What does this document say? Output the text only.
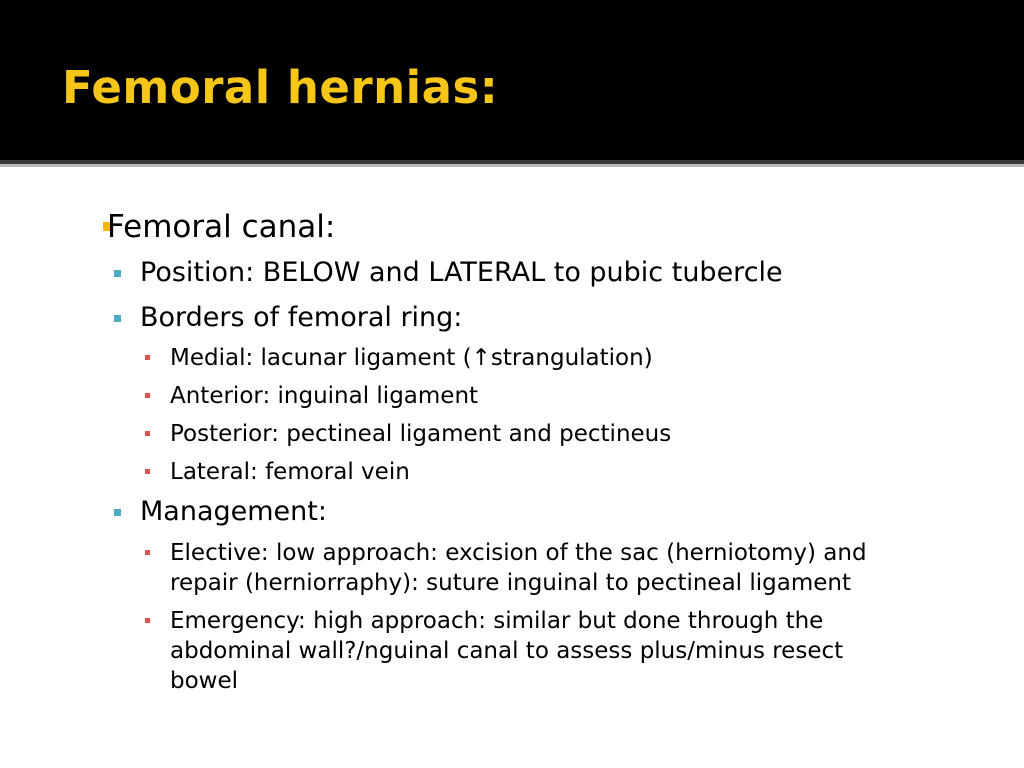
Femoral hernias:
Femoral canal:
Position: BELOW and LATERAL to pubic tubercle
Borders of femoral ring:
Medial: lacunar ligament (↑strangulation)
Anterior: inguinal ligament
Posterior: pectineal ligament and pectineus
Lateral: femoral vein
Management:
Elective: low approach: excision of the sac (herniotomy) and
repair (herniorraphy): suture inguinal to pectineal ligament
Emergency: high approach: similar but done through the
abdominal wall?/nguinal canal to assess plus/minus resect
bowel
